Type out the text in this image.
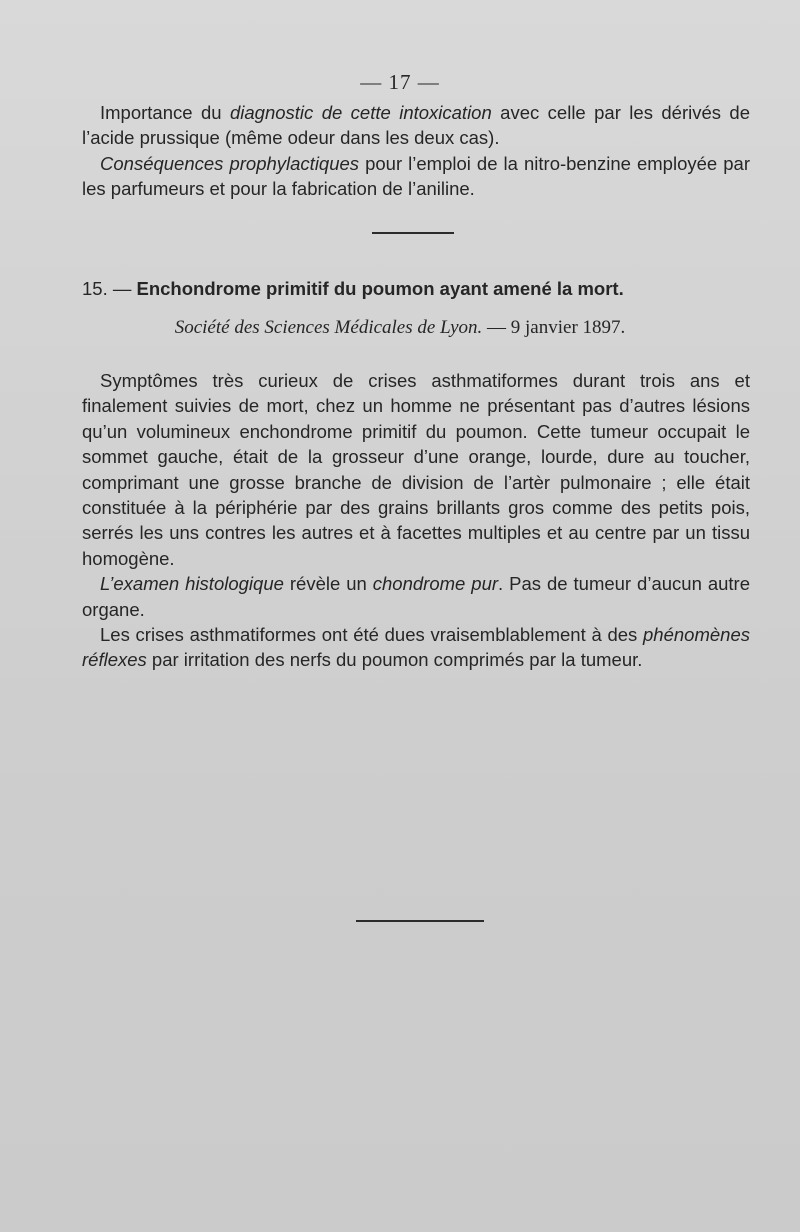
— 17 —

Importance du diagnostic de cette intoxication avec celle par les dérivés de l’acide prussique (même odeur dans les deux cas).

Conséquences prophylactiques pour l’emploi de la nitro-benzine employée par les parfumeurs et pour la fabrication de l’aniline.

15. — Enchondrome primitif du poumon ayant amené la mort.
Société des Sciences Médicales de Lyon. — 9 janvier 1897.

Symptômes très curieux de crises asthmatiformes durant trois ans et finalement suivies de mort, chez un homme ne présentant pas d’autres lésions qu’un volumineux enchondrome primitif du poumon. Cette tumeur occupait le sommet gauche, était de la grosseur d’une orange, lourde, dure au toucher, comprimant une grosse branche de division de l’artèr pulmonaire ; elle était constituée à la périphérie par des grains brillants gros comme des petits pois, serrés les uns contres les autres et à facettes multiples et au centre par un tissu homogène.

L’examen histologique révèle un chondrome pur. Pas de tumeur d’aucun autre organe.

Les crises asthmatiformes ont été dues vraisemblablement à des phénomènes réflexes par irritation des nerfs du poumon comprimés par la tumeur.
